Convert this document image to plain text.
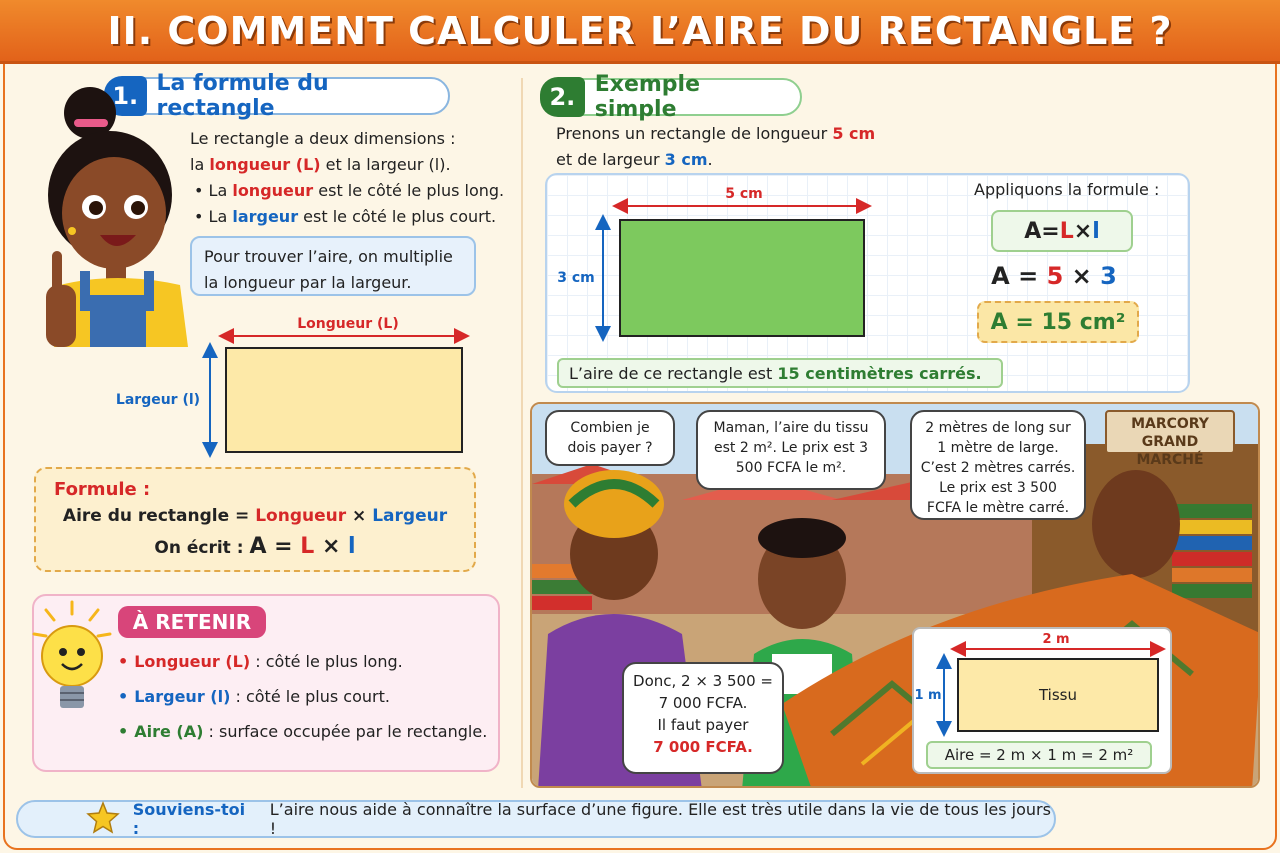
II. COMMENT CALCULER L’AIRE DU RECTANGLE ?
1. La formule du rectangle
Le rectangle a deux dimensions :
la longueur (L) et la largeur (l).
• La longueur est le côté le plus long.
• La largeur est le côté le plus court.
Pour trouver l’aire, on multiplie la longueur par la largeur.
Longueur (L)
Largeur (l)
Formule :
Aire du rectangle = Longueur × Largeur
On écrit : A = L × l
À RETENIR
• Longueur (L) : côté le plus long.
• Largeur (l) : côté le plus court.
• Aire (A) : surface occupée par le rectangle.
2. Exemple simple
Prenons un rectangle de longueur 5 cm
et de largeur 3 cm.
5 cm
3 cm
Appliquons la formule :
A = L × l
A = 5 × 3
A = 15 cm²
L’aire de ce rectangle est
15 centimètres carrés.
Combien je dois payer ?
Maman, l’aire du tissu est 2 m². Le prix est 3 500 FCFA le m².
2 mètres de long sur 1 mètre de large. C’est 2 mètres carrés. Le prix est 3 500 FCFA le mètre carré.
Donc, 2 × 3 500 = 7 000 FCFA.
Il faut payer
7 000 FCFA.
MARCORY GRAND MARCHÉ
2 m
Tissu
1 m
Aire = 2 m × 1 m = 2 m²
Souviens-toi :
L’aire nous aide à connaître la surface d’une figure. Elle est très utile dans la vie de tous les jours !
